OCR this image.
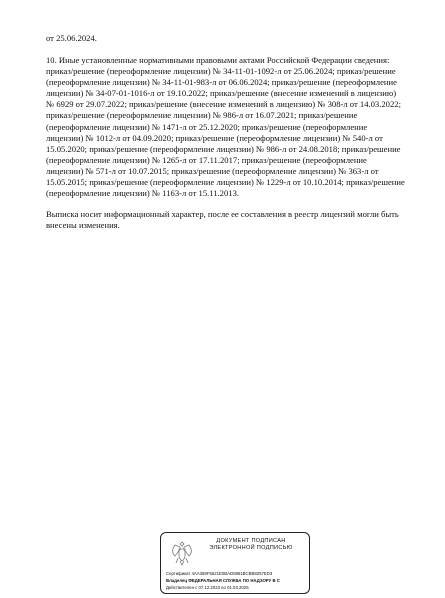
от 25.06.2024.
10. Иные установленные нормативными правовыми актами Российской Федерации сведения: приказ/решение (переоформление лицензии) № 34-11-01-1092-л от 25.06.2024; приказ/решение (переоформление лицензии) № 34-11-01-983-л от 06.06.2024; приказ/решение (переоформление лицензии) № 34-07-01-1016-л от 19.10.2022; приказ/решение (внесение изменений в лицензию) № 6929 от 29.07.2022; приказ/решение (внесение изменений в лицензию) № 308-л от 14.03.2022; приказ/решение (переоформление лицензии) № 986-л от 16.07.2021; приказ/решение (переоформление лицензии) № 1471-л от 25.12.2020; приказ/решение (переоформление лицензии) № 1012-л от 04.09.2020; приказ/решение (переоформление лицензии) № 540-л от 15.05.2020; приказ/решение (переоформление лицензии) № 986-л от 24.08.2018; приказ/решение (переоформление лицензии) № 1265-л от 17.11.2017; приказ/решение (переоформление лицензии) № 571-л от 10.07.2015; приказ/решение (переоформление лицензии) № 363-л от 15.05.2015; приказ/решение (переоформление лицензии) № 1229-л от 10.10.2014; приказ/решение (переоформление лицензии) № 1163-л от 15.11.2013.
Выписка носит информационный характер, после ее составления в реестр лицензий могли быть внесены изменения.
ДОКУМЕНТ ПОДПИСАН
ЭЛЕКТРОННОЙ ПОДПИСЬЮ
Сертификат 4AA369F5521E0BAD0861BCBB8257ED3
Владелец ФЕДЕРАЛЬНАЯ СЛУЖБА ПО НАДЗОРУ В С
Действителен с 07.12.2023 по 01.03.2025
